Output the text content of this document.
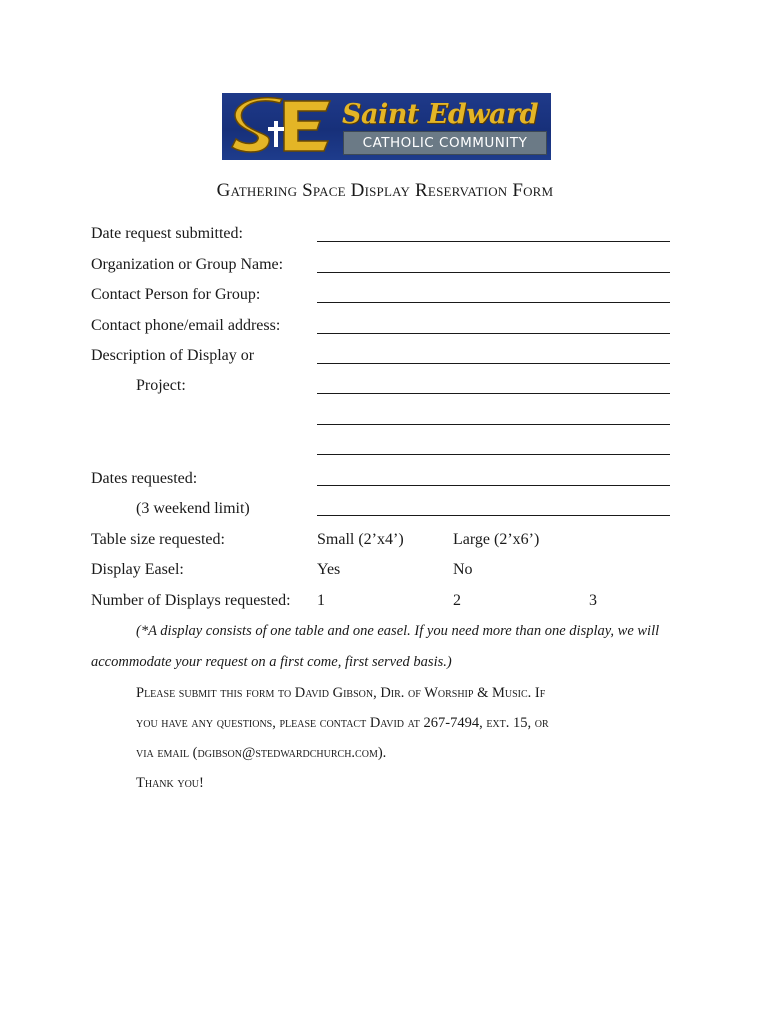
Saint Edward
CATHOLIC COMMUNITY
Gathering Space Display Reservation Form
Date request submitted:
Organization or Group Name:
Contact Person for Group:
Contact phone/email address:
Description of Display or
Project:
Dates requested:
(3 weekend limit)
Table size requested:	Small (2’x4’)	Large (2’x6’)
Display Easel:	Yes	No
Number of Displays requested: 1	2	3
(*A display consists of one table and one easel. If you need more than one display, we will
accommodate your request on a first come, first served basis.)
Please submit this form to David Gibson, Dir. of Worship & Music. If
you have any questions, please contact David at 267-7494, ext. 15, or
via email (dgibson@stedwardchurch.com).
Thank you!
